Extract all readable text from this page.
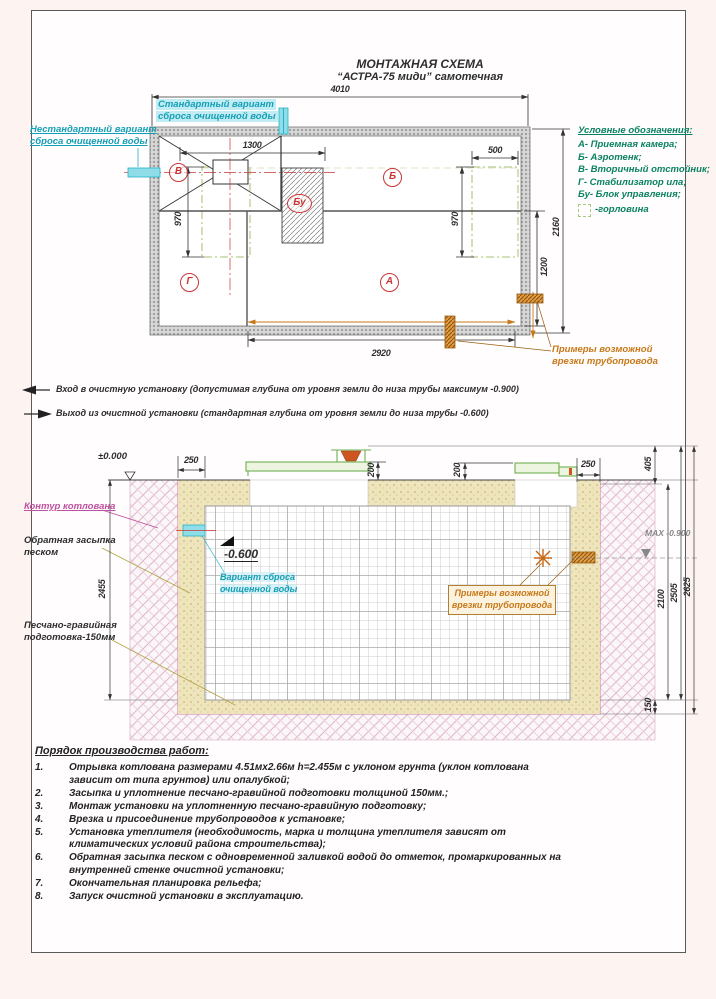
МОНТАЖНАЯ СХЕМА
“АСТРА-75 миди” самотечная
4010
1300	500
970	970	2160
1200
2920
В	Б
Бу
Г	А
Стандартный вариант
сброса очищенной воды
Нестандартный вариант
сброса очищенной воды
Примеры возможной
врезки трубопровода
Условные обозначения:
А- Приемная камера;
Б- Аэротенк;
В- Вторичный отстойник;
Г- Стабилизатор ила;
Бу- Блок управления;
-горловина
Вход в очистную установку (допустимая глубина от уровня земли до низа трубы максимум -0.900)
Выход из очистной установки (стандартная глубина от уровня земли до низа трубы -0.600)
±0.000	250
200	200	250	405
MAX -0.900
2100 2505 2625
150
2455
-0.600
Вариант сброса
очищенной воды	Примеры возможной
врезки трубопровода
Контур котлована
Обратная засыпка
песком
Песчано-гравийная
подготовка-150мм
Порядок производства работ:
1.	Отрывка котлована размерами 4.51мх2.66м h=2.455м с уклоном грунта (уклон котлована зависит от типа грунтов) или опалубкой;
2.	Засыпка и уплотнение песчано-гравийной подготовки толщиной 150мм.;
3.	Монтаж установки на уплотненную песчано-гравийную подготовку;
4.	Врезка и присоединение трубопроводов к установке;
5.	Установка утеплителя (необходимость, марка и толщина утеплителя зависят от климатических условий района строительства);
6.	Обратная засыпка песком с одновременной заливкой водой до отметок, промаркированных на внутренней стенке очистной установки;
7.	Окончательная планировка рельефа;
8.	Запуск очистной установки в эксплуатацию.
